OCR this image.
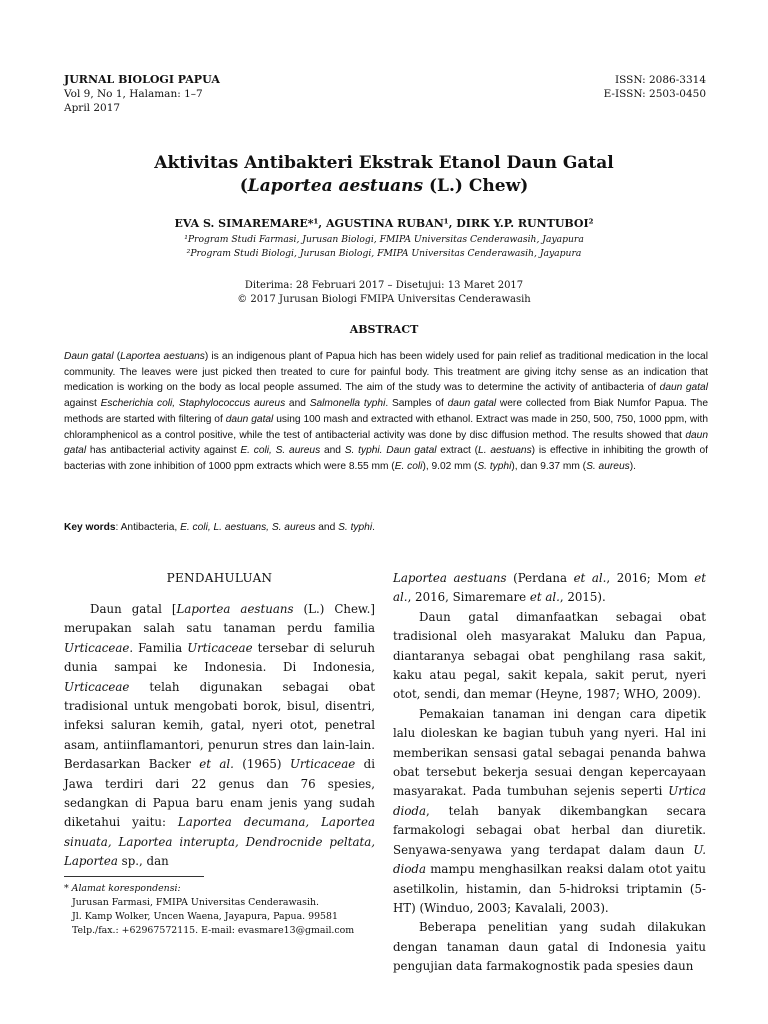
JURNAL BIOLOGI PAPUA
Vol 9, No 1, Halaman: 1–7
April 2017
ISSN: 2086-3314
E-ISSN: 2503-0450
Aktivitas Antibakteri Ekstrak Etanol Daun Gatal
(Laportea aestuans (L.) Chew)
EVA S. SIMAREMARE*¹, AGUSTINA RUBAN¹, DIRK Y.P. RUNTUBOI²
¹Program Studi Farmasi, Jurusan Biologi, FMIPA Universitas Cenderawasih, Jayapura
²Program Studi Biologi, Jurusan Biologi, FMIPA Universitas Cenderawasih, Jayapura
Diterima: 28 Februari 2017 – Disetujui: 13 Maret 2017
© 2017 Jurusan Biologi FMIPA Universitas Cenderawasih
ABSTRACT
Daun gatal (Laportea aestuans) is an indigenous plant of Papua hich has been widely used for pain relief as traditional medication in the local community. The leaves were just picked then treated to cure for painful body. This treatment are giving itchy sense as an indication that medication is working on the body as local people assumed. The aim of the study was to determine the activity of antibacteria of daun gatal against Escherichia coli, Staphylococcus aureus and Salmonella typhi. Samples of daun gatal were collected from Biak Numfor Papua. The methods are started with filtering of daun gatal using 100 mash and extracted with ethanol. Extract was made in 250, 500, 750, 1000 ppm, with chloramphenicol as a control positive, while the test of antibacterial activity was done by disc diffusion method. The results showed that daun gatal has antibacterial activity against E. coli, S. aureus and S. typhi. Daun gatal extract (L. aestuans) is effective in inhibiting the growth of bacterias with zone inhibition of 1000 ppm extracts which were 8.55 mm (E. coli), 9.02 mm (S. typhi), dan 9.37 mm (S. aureus).
Key words: Antibacteria, E. coli, L. aestuans, S. aureus and S. typhi.
PENDAHULUAN

Daun gatal [Laportea aestuans (L.) Chew.] merupakan salah satu tanaman perdu familia Urticaceae. Familia Urticaceae tersebar di seluruh dunia sampai ke Indonesia. Di Indonesia, Urticaceae telah digunakan sebagai obat tradisional untuk mengobati borok, bisul, disentri, infeksi saluran kemih, gatal, nyeri otot, penetral asam, antiinflamantori, penurun stres dan lain-lain. Berdasarkan Backer et al. (1965) Urticaceae di Jawa terdiri dari 22 genus dan 76 spesies, sedangkan di Papua baru enam jenis yang sudah diketahui yaitu: Laportea decumana, Laportea sinuata, Laportea interupta, Dendrocnide peltata, Laportea sp., dan

* Alamat korespondensi:
Jurusan Farmasi, FMIPA Universitas Cenderawasih.
Jl. Kamp Wolker, Uncen Waena, Jayapura, Papua. 99581
Telp./fax.: +62967572115. E-mail: evasmare13@gmail.com

Laportea aestuans (Perdana et al., 2016; Mom et al., 2016, Simaremare et al., 2015).

Daun gatal dimanfaatkan sebagai obat tradisional oleh masyarakat Maluku dan Papua, diantaranya sebagai obat penghilang rasa sakit, kaku atau pegal, sakit kepala, sakit perut, nyeri otot, sendi, dan memar (Heyne, 1987; WHO, 2009).

Pemakaian tanaman ini dengan cara dipetik lalu dioleskan ke bagian tubuh yang nyeri. Hal ini memberikan sensasi gatal sebagai penanda bahwa obat tersebut bekerja sesuai dengan kepercayaan masyarakat. Pada tumbuhan sejenis seperti Urtica dioda, telah banyak dikembangkan secara farmakologi sebagai obat herbal dan diuretik. Senyawa-senyawa yang terdapat dalam daun U. dioda mampu menghasilkan reaksi dalam otot yaitu asetilkolin, histamin, dan 5-hidroksi triptamin (5-HT) (Winduo, 2003; Kavalali, 2003).

Beberapa penelitian yang sudah dilakukan dengan tanaman daun gatal di Indonesia yaitu pengujian data farmakognostik pada spesies daun
